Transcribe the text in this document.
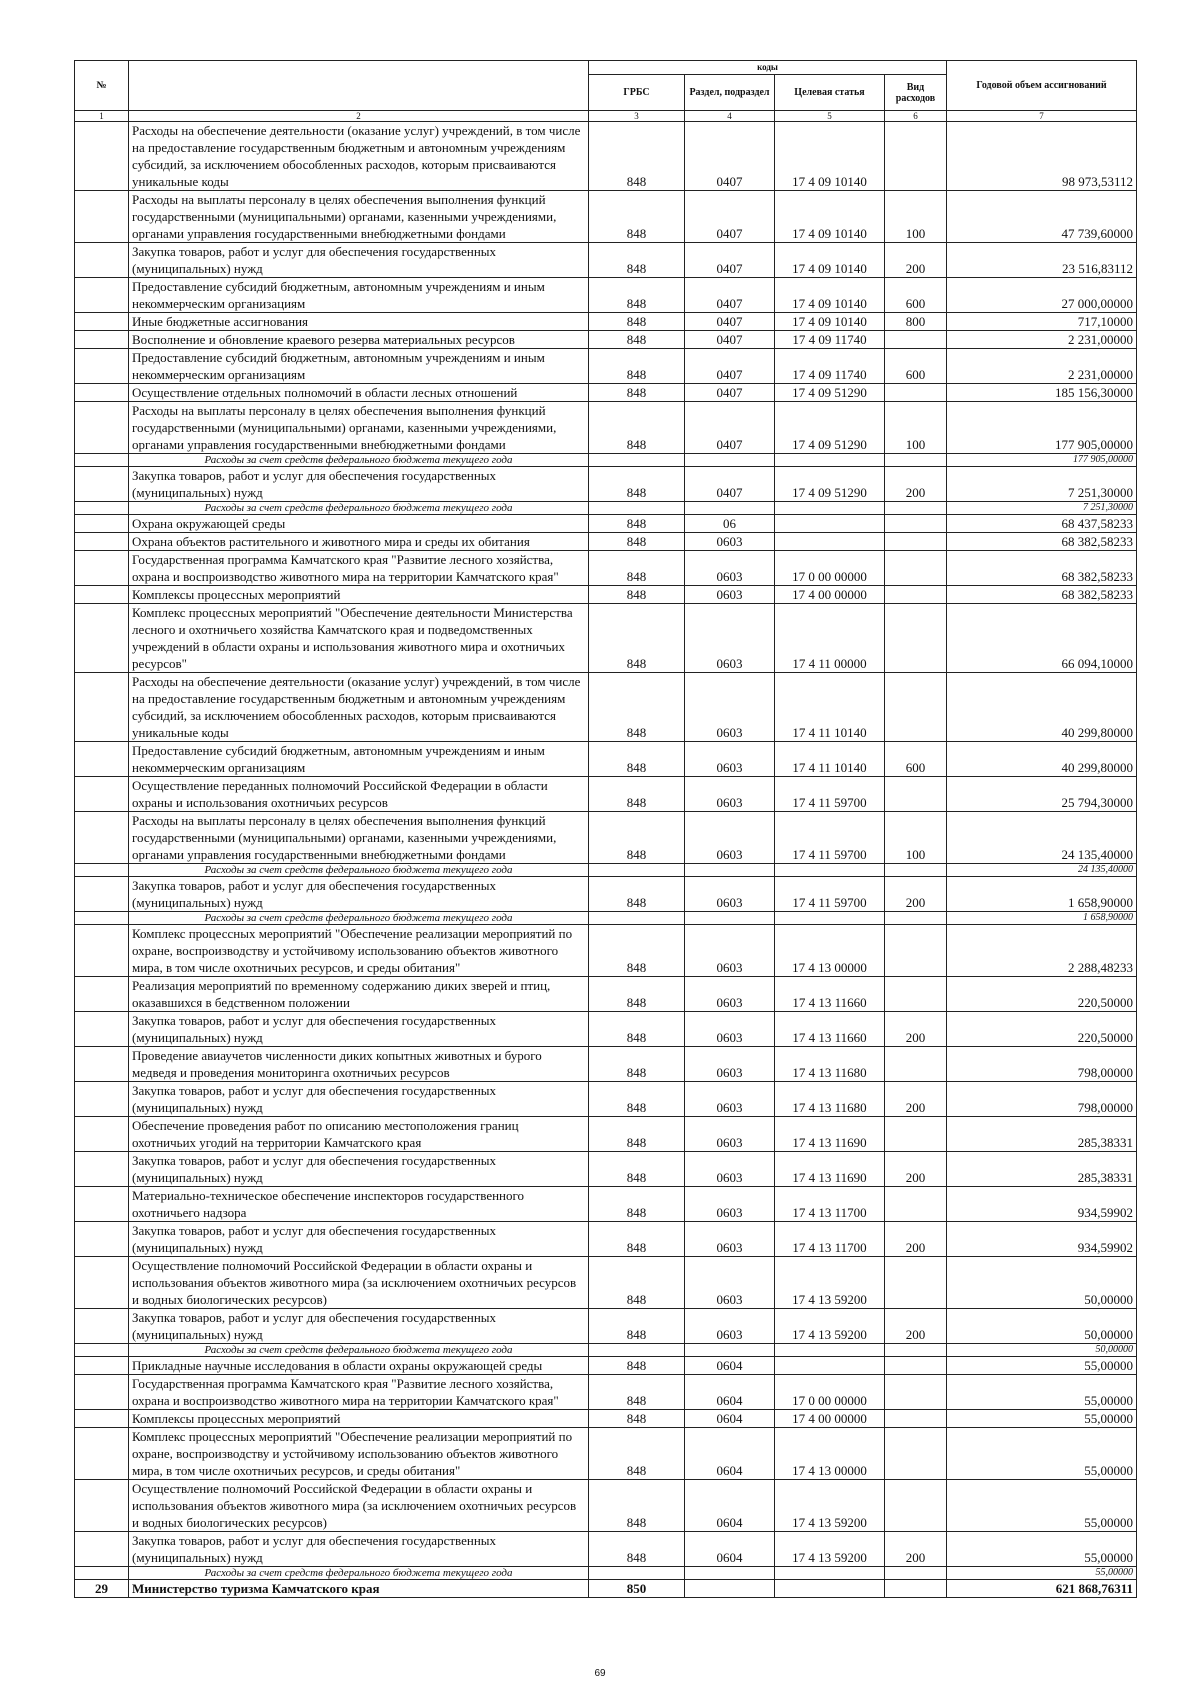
№		коды				Годовой объем ассигнований
		ГРБС	Раздел, подраздел	Целевая статья	Вид расходов	
1	2	3	4	5	6	7
	Расходы на обеспечение деятельности (оказание услуг) учреждений, в том числе на предоставление государственным бюджетным и автономным учреждениям субсидий, за исключением обособленных расходов, которым присваиваются уникальные коды	848	0407	17 4 09 10140		98 973,53112
	Расходы на выплаты персоналу в целях обеспечения выполнения функций государственными (муниципальными) органами, казенными учреждениями, органами управления государственными внебюджетными фондами	848	0407	17 4 09 10140	100	47 739,60000
	Закупка товаров, работ и услуг для обеспечения государственных (муниципальных) нужд	848	0407	17 4 09 10140	200	23 516,83112
	Предоставление субсидий бюджетным, автономным учреждениям и иным некоммерческим организациям	848	0407	17 4 09 10140	600	27 000,00000
	Иные бюджетные ассигнования	848	0407	17 4 09 10140	800	717,10000
	Восполнение и обновление краевого резерва материальных ресурсов	848	0407	17 4 09 11740		2 231,00000
	Предоставление субсидий бюджетным, автономным учреждениям и иным некоммерческим организациям	848	0407	17 4 09 11740	600	2 231,00000
	Осуществление отдельных полномочий в области лесных отношений	848	0407	17 4 09 51290		185 156,30000
	Расходы на выплаты персоналу в целях обеспечения выполнения функций государственными (муниципальными) органами, казенными учреждениями, органами управления государственными внебюджетными фондами	848	0407	17 4 09 51290	100	177 905,00000
	Расходы за счет средств федерального бюджета текущего года					177 905,00000
	Закупка товаров, работ и услуг для обеспечения государственных (муниципальных) нужд	848	0407	17 4 09 51290	200	7 251,30000
	Расходы за счет средств федерального бюджета текущего года					7 251,30000
	Охрана окружающей среды	848	06			68 437,58233
	Охрана объектов растительного и животного мира и среды их обитания	848	0603			68 382,58233
	Государственная программа Камчатского края "Развитие лесного хозяйства, охрана и воспроизводство животного мира на территории Камчатского края"	848	0603	17 0 00 00000		68 382,58233
	Комплексы процессных мероприятий	848	0603	17 4 00 00000		68 382,58233
	Комплекс процессных мероприятий "Обеспечение деятельности Министерства лесного и охотничьего хозяйства Камчатского края и подведомственных учреждений в области охраны и использования животного мира и охотничьих ресурсов"	848	0603	17 4 11 00000		66 094,10000
	Расходы на обеспечение деятельности (оказание услуг) учреждений, в том числе на предоставление государственным бюджетным и автономным учреждениям субсидий, за исключением обособленных расходов, которым присваиваются уникальные коды	848	0603	17 4 11 10140		40 299,80000
	Предоставление субсидий бюджетным, автономным учреждениям и иным некоммерческим организациям	848	0603	17 4 11 10140	600	40 299,80000
	Осуществление переданных полномочий Российской Федерации в области охраны и использования охотничьих ресурсов	848	0603	17 4 11 59700		25 794,30000
	Расходы на выплаты персоналу в целях обеспечения выполнения функций государственными (муниципальными) органами, казенными учреждениями, органами управления государственными внебюджетными фондами	848	0603	17 4 11 59700	100	24 135,40000
	Расходы за счет средств федерального бюджета текущего года					24 135,40000
	Закупка товаров, работ и услуг для обеспечения государственных (муниципальных) нужд	848	0603	17 4 11 59700	200	1 658,90000
	Расходы за счет средств федерального бюджета текущего года					1 658,90000
	Комплекс процессных мероприятий "Обеспечение реализации мероприятий по охране, воспроизводству и устойчивому использованию объектов животного мира, в том числе охотничьих ресурсов, и среды обитания"	848	0603	17 4 13 00000		2 288,48233
	Реализация мероприятий по временному содержанию диких зверей и птиц, оказавшихся в бедственном положении	848	0603	17 4 13 11660		220,50000
	Закупка товаров, работ и услуг для обеспечения государственных (муниципальных) нужд	848	0603	17 4 13 11660	200	220,50000
	Проведение авиаучетов численности диких копытных животных и бурого медведя и проведения мониторинга охотничьих ресурсов	848	0603	17 4 13 11680		798,00000
	Закупка товаров, работ и услуг для обеспечения государственных (муниципальных) нужд	848	0603	17 4 13 11680	200	798,00000
	Обеспечение проведения работ по описанию местоположения границ охотничьих угодий на территории Камчатского края	848	0603	17 4 13 11690		285,38331
	Закупка товаров, работ и услуг для обеспечения государственных (муниципальных) нужд	848	0603	17 4 13 11690	200	285,38331
	Материально-техническое обеспечение инспекторов государственного охотничьего надзора	848	0603	17 4 13 11700		934,59902
	Закупка товаров, работ и услуг для обеспечения государственных (муниципальных) нужд	848	0603	17 4 13 11700	200	934,59902
	Осуществление полномочий Российской Федерации в области охраны и использования объектов животного мира (за исключением охотничьих ресурсов и водных биологических ресурсов)	848	0603	17 4 13 59200		50,00000
	Закупка товаров, работ и услуг для обеспечения государственных (муниципальных) нужд	848	0603	17 4 13 59200	200	50,00000
	Расходы за счет средств федерального бюджета текущего года					50,00000
	Прикладные научные исследования в области охраны окружающей среды	848	0604			55,00000
	Государственная программа Камчатского края "Развитие лесного хозяйства, охрана и воспроизводство животного мира на территории Камчатского края"	848	0604	17 0 00 00000		55,00000
	Комплексы процессных мероприятий	848	0604	17 4 00 00000		55,00000
	Комплекс процессных мероприятий "Обеспечение реализации мероприятий по охране, воспроизводству и устойчивому использованию объектов животного мира, в том числе охотничьих ресурсов, и среды обитания"	848	0604	17 4 13 00000		55,00000
	Осуществление полномочий Российской Федерации в области охраны и использования объектов животного мира (за исключением охотничьих ресурсов и водных биологических ресурсов)	848	0604	17 4 13 59200		55,00000
	Закупка товаров, работ и услуг для обеспечения государственных (муниципальных) нужд	848	0604	17 4 13 59200	200	55,00000
	Расходы за счет средств федерального бюджета текущего года					55,00000
29	Министерство туризма Камчатского края	850				621 868,76311
69
